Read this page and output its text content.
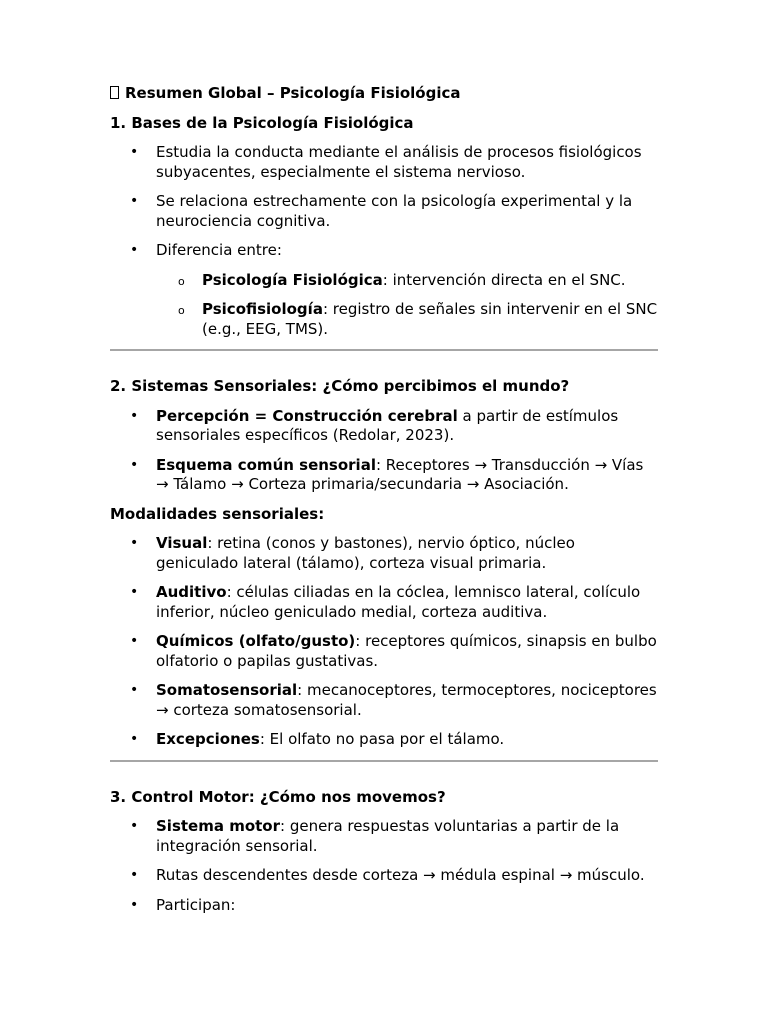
Resumen Global – Psicología Fisiológica

1. Bases de la Psicología Fisiológica

• Estudia la conducta mediante el análisis de procesos fisiológicos subyacentes, especialmente el sistema nervioso.
• Se relaciona estrechamente con la psicología experimental y la neurociencia cognitiva.
• Diferencia entre:
o Psicología Fisiológica: intervención directa en el SNC.
o Psicofisiología: registro de señales sin intervenir en el SNC (e.g., EEG, TMS).

2. Sistemas Sensoriales: ¿Cómo percibimos el mundo?

• Percepción = Construcción cerebral a partir de estímulos sensoriales específicos (Redolar, 2023).
• Esquema común sensorial: Receptores → Transducción → Vías → Tálamo → Corteza primaria/secundaria → Asociación.

Modalidades sensoriales:

• Visual: retina (conos y bastones), nervio óptico, núcleo geniculado lateral (tálamo), corteza visual primaria.
• Auditivo: células ciliadas en la cóclea, lemnisco lateral, colículo inferior, núcleo geniculado medial, corteza auditiva.
• Químicos (olfato/gusto): receptores químicos, sinapsis en bulbo olfatorio o papilas gustativas.
• Somatosensorial: mecanoceptores, termoceptores, nociceptores → corteza somatosensorial.
• Excepciones: El olfato no pasa por el tálamo.

3. Control Motor: ¿Cómo nos movemos?

• Sistema motor: genera respuestas voluntarias a partir de la integración sensorial.
• Rutas descendentes desde corteza → médula espinal → músculo.
• Participan:
